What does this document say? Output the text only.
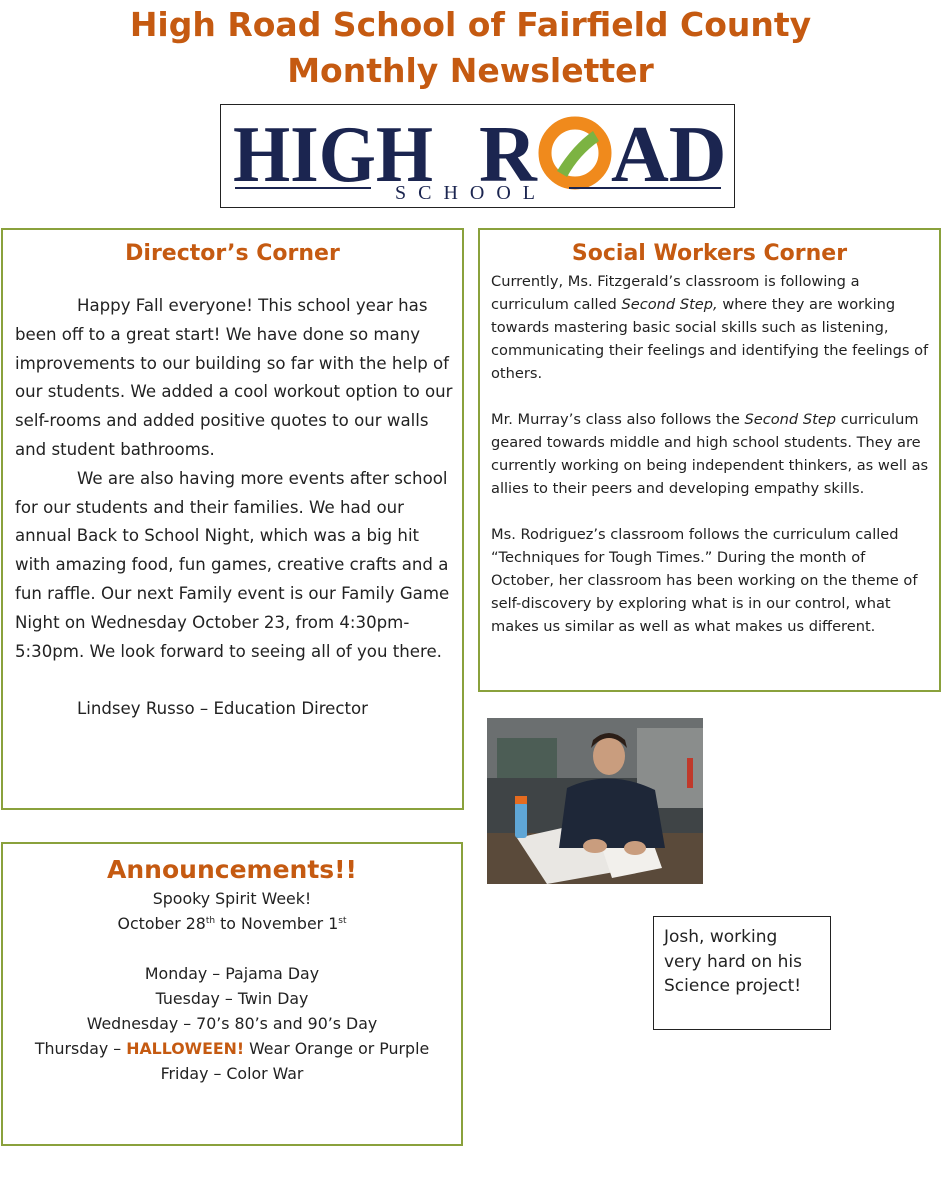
High Road School of Fairfield County
Monthly Newsletter
HIGH R AD
SCHOOL
Director’s Corner

Happy Fall everyone! This school year has been off to a great start! We have done so many improvements to our building so far with the help of our students. We added a cool workout option to our self-rooms and added positive quotes to our walls and student bathrooms.

We are also having more events after school for our students and their families. We had our annual Back to School Night, which was a big hit with amazing food, fun games, creative crafts and a fun raffle. Our next Family event is our Family Game Night on Wednesday October 23, from 4:30pm-5:30pm. We look forward to seeing all of you there.

Lindsey Russo – Education Director
Social Workers Corner

Currently, Ms. Fitzgerald’s classroom is following a curriculum called Second Step, where they are working towards mastering basic social skills such as listening, communicating their feelings and identifying the feelings of others.

Mr. Murray’s class also follows the Second Step curriculum geared towards middle and high school students. They are currently working on being independent thinkers, as well as allies to their peers and developing empathy skills.

Ms. Rodriguez’s classroom follows the curriculum called “Techniques for Tough Times.” During the month of October, her classroom has been working on the theme of self-discovery by exploring what is in our control, what makes us similar as well as what makes us different.

Josh, working very hard on his Science project!
Announcements!!
Spooky Spirit Week!
October 28th to November 1st
Monday – Pajama Day
Tuesday – Twin Day
Wednesday – 70’s 80’s and 90’s Day
Thursday – HALLOWEEN! Wear Orange or Purple
Friday – Color War
